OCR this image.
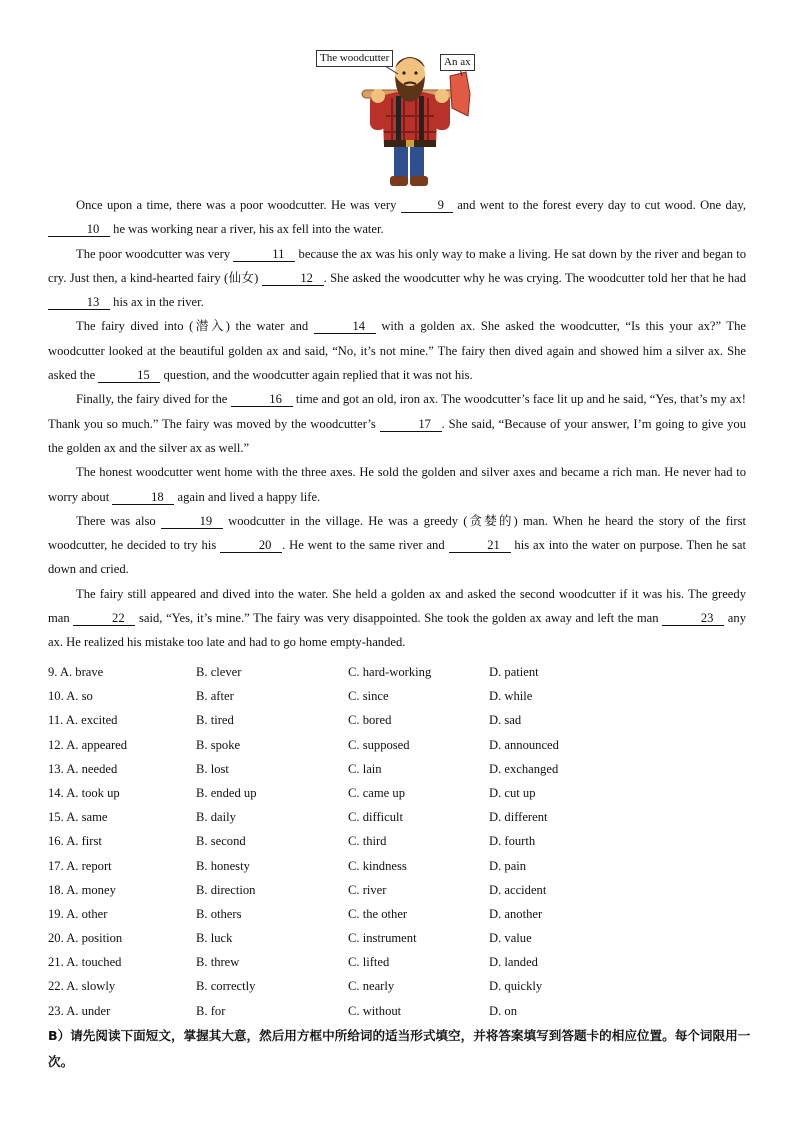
The woodcutter	An ax

Once upon a time, there was a poor woodcutter. He was very	9 and went to the forest every day to cut wood. One day, 10 he was working near a river, his ax fell into the water.

The poor woodcutter was very	11 because the ax was his only way to make a living. He sat down by the river and began to cry. Just then, a kind-hearted fairy (仙女)	12 . She asked the woodcutter why he was crying. The woodcutter told her that he had 13 his ax in the river.

The fairy dived into (潜入) the water and	14 with a golden ax. She asked the woodcutter, “Is this your ax?” The woodcutter looked at the beautiful golden ax and said, “No, it’s not mine.” The fairy then dived again and showed him a silver ax. She asked the	15 question, and the woodcutter again replied that it was not his.

Finally, the fairy dived for the	16 time and got an old, iron ax. The woodcutter’s face lit up and he said, “Yes, that’s my ax! Thank you so much.” The fairy was moved by the woodcutter’s	17 . She said, “Because of your answer, I’m going to give you the golden ax and the silver ax as well.”

The honest woodcutter went home with the three axes. He sold the golden and silver axes and became a rich man. He never had to worry about	18 again and lived a happy life.

There was also	19 woodcutter in the village. He was a greedy (贪婪的) man. When he heard the story of the first woodcutter, he decided to try his	20 . He went to the same river and	21 his ax into the water on purpose. Then he sat down and cried.

The fairy still appeared and dived into the water. She held a golden ax and asked the second woodcutter if it was his. The greedy man	22 said, “Yes, it’s mine.” The fairy was very disappointed. She took the golden ax away and left the man	23 any ax. He realized his mistake too late and had to go home empty-handed.

9. A. brave	B. clever	C. hard-working	D. patient
10. A. so	B. after	C. since	D. while
11. A. excited	B. tired	C. bored	D. sad
12. A. appeared	B. spoke	C. supposed	D. announced
13. A. needed	B. lost	C. lain	D. exchanged
14. A. took up	B. ended up	C. came up	D. cut up
15. A. same	B. daily	C. difficult	D. different
16. A. first	B. second	C. third	D. fourth
17. A. report	B. honesty	C. kindness	D. pain
18. A. money	B. direction	C. river	D. accident
19. A. other	B. others	C. the other	D. another
20. A. position	B. luck	C. instrument	D. value
21. A. touched	B. threw	C. lifted	D. landed
22. A. slowly	B. correctly	C. nearly	D. quickly
23. A. under	B. for	C. without	D. on
B）请先阅读下面短文，掌握其大意，然后用方框中所给词的适当形式填空，并将答案填写到答题卡的相应位置。每个词限用一次。
